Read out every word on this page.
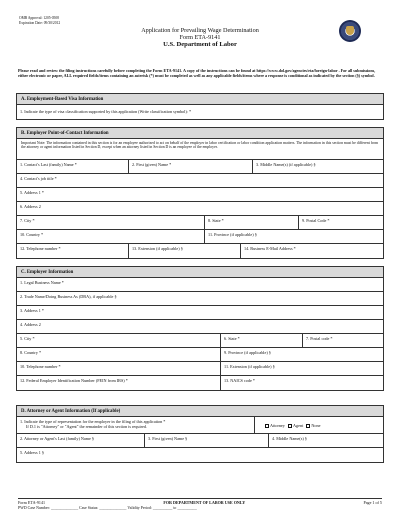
OMB Approval: 1205-0508
Expiration Date: 09/30/2012
Application for Prevailing Wage Determination
Form ETA-9141
U.S. Department of Labor
Please read and review the filing instructions carefully before completing the Form ETA-9141. A copy of the instructions can be found at https://www.dol.gov/agencies/eta/foreign-labor . For all submissions, either electronic or paper, ALL required fields/items containing an asterisk (*) must be completed as well as any applicable fields/items where a response is conditional as indicated by the section (§) symbol.
A. Employment-Based Visa Information
1. Indicate the type of visa classification supported by this application (Write classification symbol): *
B. Employer Point-of-Contact Information
Important Note: The information contained in this section is for an employee authorized to act on behalf of the employer in labor certification or labor condition application matters. The information in this section must be different from the attorney or agent information listed in Section D, except when an attorney listed in Section D is an employee of the employer.
1. Contact's Last (family) Name *	2. First (given) Name *	3. Middle Name(s) (if applicable) §
4. Contact's job title *
5. Address 1 *
6. Address 2
7. City *	8. State *	9. Postal Code *
10. Country *	11. Province (if applicable) §
12. Telephone number *	13. Extension (if applicable) §	14. Business E-Mail Address *
C. Employer Information
1. Legal Business Name *
2. Trade Name/Doing Business As (DBA), if applicable §
3. Address 1 *
4. Address 2
5. City *	6. State *	7. Postal code *
8. Country *	9. Province (if applicable) §
10. Telephone number *	11. Extension (if applicable) §
12. Federal Employer Identification Number (FEIN from IRS) *	13. NAICS code *
D. Attorney or Agent Information (If applicable)
1. Indicate the type of representation for the employer in the filing of this application *
If D.1 is "Attorney" or "Agent" the remainder of this section is required.	Attorney Agent None
2. Attorney or Agent's Last (family) Name §	3. First (given) Name §	4. Middle Name(s) §
5. Address 1 §
Form ETA-9141	FOR DEPARTMENT OF LABOR USE ONLY	Page 1 of 5
PWD Case Number: ______________ Case Status: ______________ Validity Period: __________ to __________
